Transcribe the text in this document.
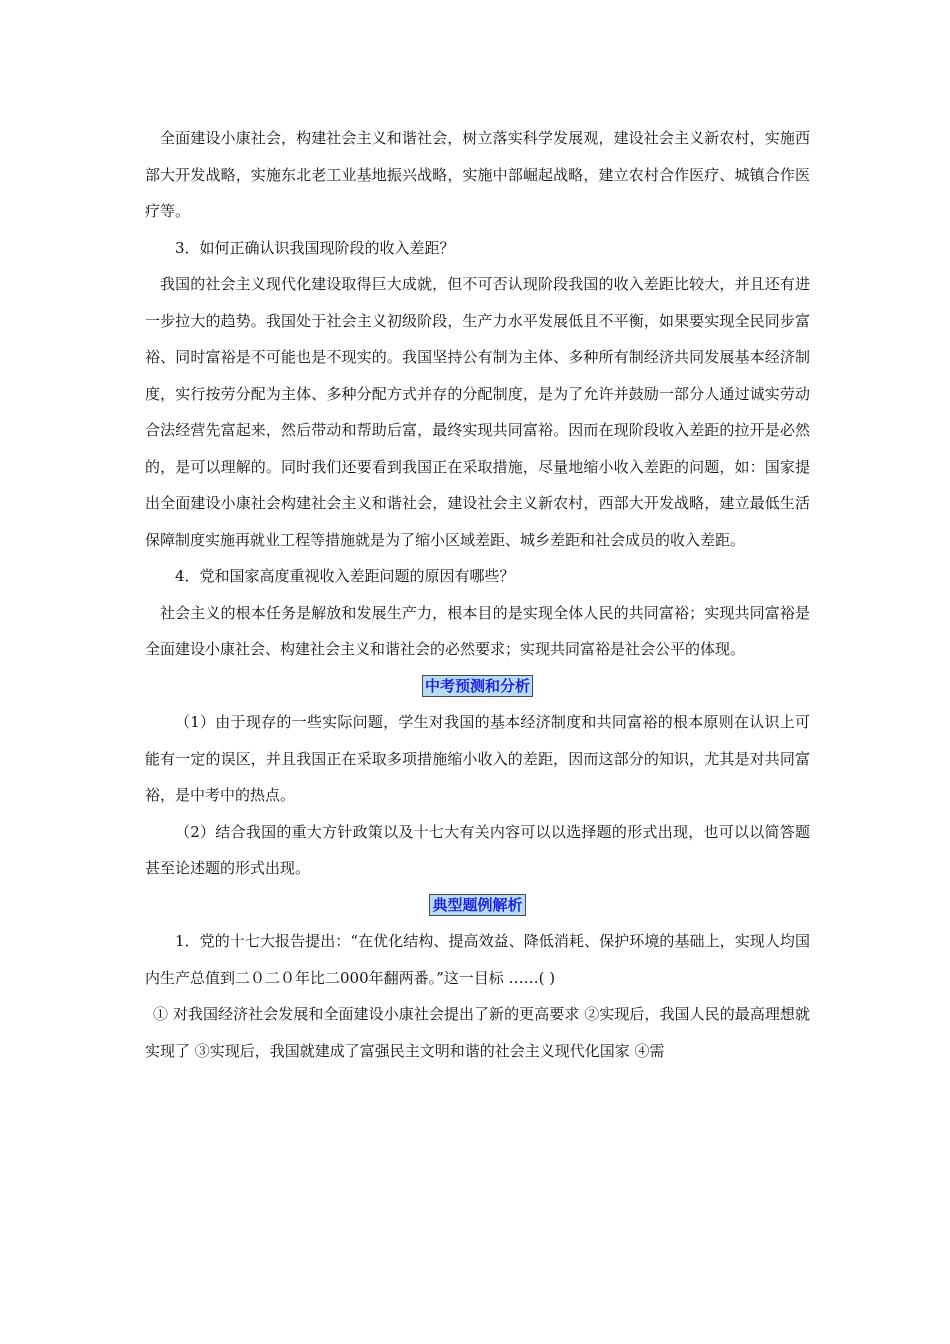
全面建设小康社会，构建社会主义和谐社会，树立落实科学发展观，建设社会主义新农村，实施西部大开发战略，实施东北老工业基地振兴战略，实施中部崛起战略，建立农村合作医疗、城镇合作医疗等。

3．如何正确认识我国现阶段的收入差距？

我国的社会主义现代化建设取得巨大成就，但不可否认现阶段我国的收入差距比较大，并且还有进一步拉大的趋势。我国处于社会主义初级阶段，生产力水平发展低且不平衡，如果要实现全民同步富裕、同时富裕是不可能也是不现实的。我国坚持公有制为主体、多种所有制经济共同发展基本经济制度，实行按劳分配为主体、多种分配方式并存的分配制度，是为了允许并鼓励一部分人通过诚实劳动合法经营先富起来，然后带动和帮助后富，最终实现共同富裕。因而在现阶段收入差距的拉开是必然的，是可以理解的。同时我们还要看到我国正在采取措施，尽量地缩小收入差距的问题，如：国家提出全面建设小康社会构建社会主义和谐社会，建设社会主义新农村，西部大开发战略，建立最低生活保障制度实施再就业工程等措施就是为了缩小区域差距、城乡差距和社会成员的收入差距。

4．党和国家高度重视收入差距问题的原因有哪些？

社会主义的根本任务是解放和发展生产力，根本目的是实现全体人民的共同富裕；实现共同富裕是全面建设小康社会、构建社会主义和谐社会的必然要求；实现共同富裕是社会公平的体现。

中考预测和分析

（1）由于现存的一些实际问题，学生对我国的基本经济制度和共同富裕的根本原则在认识上可能有一定的误区，并且我国正在采取多项措施缩小收入的差距，因而这部分的知识，尤其是对共同富裕，是中考中的热点。

（2）结合我国的重大方针政策以及十七大有关内容可以以选择题的形式出现，也可以以简答题甚至论述题的形式出现。

典型题例解析

1．党的十七大报告提出：“在优化结构、提高效益、降低消耗、保护环境的基础上，实现人均国内生产总值到二０二０年比二000年翻两番。”这一目标 ……( )

① 对我国经济社会发展和全面建设小康社会提出了新的更高要求 ②实现后，我国人民的最高理想就实现了 ③实现后，我国就建成了富强民主文明和谐的社会主义现代化国家 ④需
